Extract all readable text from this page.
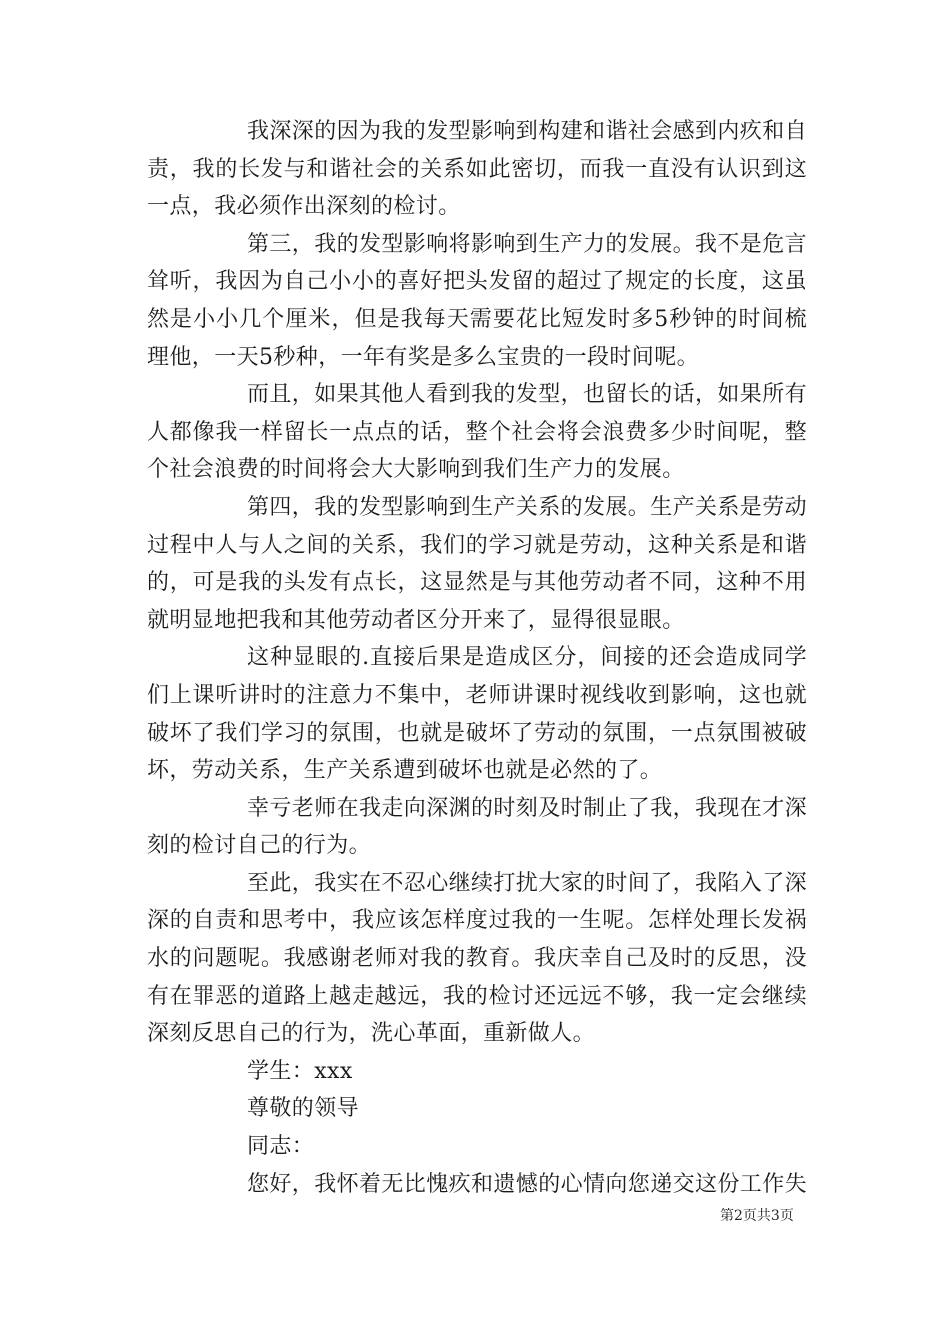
我深深的因为我的发型影响到构建和谐社会感到内疚和自责，我的长发与和谐社会的关系如此密切，而我一直没有认识到这一点，我必须作出深刻的检讨。

第三，我的发型影响将影响到生产力的发展。我不是危言耸听，我因为自己小小的喜好把头发留的超过了规定的长度，这虽然是小小几个厘米，但是我每天需要花比短发时多5秒钟的时间梳理他，一天5秒种，一年有奖是多么宝贵的一段时间呢。

而且，如果其他人看到我的发型，也留长的话，如果所有人都像我一样留长一点点的话，整个社会将会浪费多少时间呢，整个社会浪费的时间将会大大影响到我们生产力的发展。

第四，我的发型影响到生产关系的发展。生产关系是劳动过程中人与人之间的关系，我们的学习就是劳动，这种关系是和谐的，可是我的头发有点长，这显然是与其他劳动者不同，这种不用就明显地把我和其他劳动者区分开来了，显得很显眼。

这种显眼的.直接后果是造成区分，间接的还会造成同学们上课听讲时的注意力不集中，老师讲课时视线收到影响，这也就破坏了我们学习的氛围，也就是破坏了劳动的氛围，一点氛围被破坏，劳动关系，生产关系遭到破坏也就是必然的了。

幸亏老师在我走向深渊的时刻及时制止了我，我现在才深刻的检讨自己的行为。

至此，我实在不忍心继续打扰大家的时间了，我陷入了深深的自责和思考中，我应该怎样度过我的一生呢。怎样处理长发祸水的问题呢。我感谢老师对我的教育。我庆幸自己及时的反思，没有在罪恶的道路上越走越远，我的检讨还远远不够，我一定会继续深刻反思自己的行为，洗心革面，重新做人。

学生：xxx

尊敬的领导

同志：

您好，我怀着无比愧疚和遗憾的心情向您递交这份工作失

第2页共3页
